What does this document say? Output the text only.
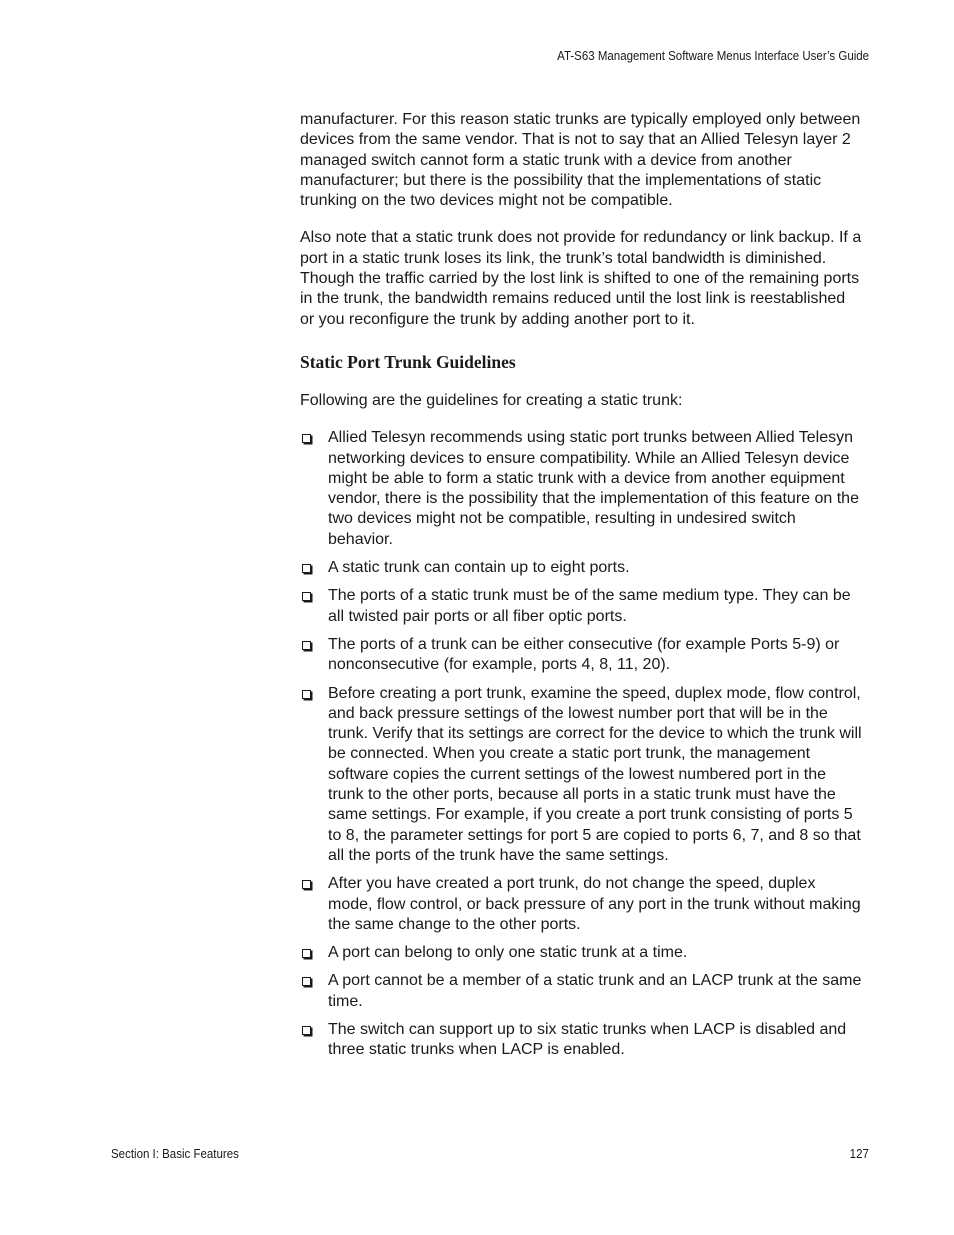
AT-S63 Management Software Menus Interface User’s Guide

manufacturer. For this reason static trunks are typically employed only between devices from the same vendor. That is not to say that an Allied Telesyn layer 2 managed switch cannot form a static trunk with a device from another manufacturer; but there is the possibility that the implementations of static trunking on the two devices might not be compatible.

Also note that a static trunk does not provide for redundancy or link backup. If a port in a static trunk loses its link, the trunk’s total bandwidth is diminished. Though the traffic carried by the lost link is shifted to one of the remaining ports in the trunk, the bandwidth remains reduced until the lost link is reestablished or you reconfigure the trunk by adding another port to it.

Static Port Trunk Guidelines

Following are the guidelines for creating a static trunk:

Allied Telesyn recommends using static port trunks between Allied Telesyn networking devices to ensure compatibility. While an Allied Telesyn device might be able to form a static trunk with a device from another equipment vendor, there is the possibility that the implementation of this feature on the two devices might not be compatible, resulting in undesired switch behavior.
A static trunk can contain up to eight ports.
The ports of a static trunk must be of the same medium type. They can be all twisted pair ports or all fiber optic ports.
The ports of a trunk can be either consecutive (for example Ports 5-9) or nonconsecutive (for example, ports 4, 8, 11, 20).
Before creating a port trunk, examine the speed, duplex mode, flow control, and back pressure settings of the lowest number port that will be in the trunk. Verify that its settings are correct for the device to which the trunk will be connected. When you create a static port trunk, the management software copies the current settings of the lowest numbered port in the trunk to the other ports, because all ports in a static trunk must have the same settings. For example, if you create a port trunk consisting of ports 5 to 8, the parameter settings for port 5 are copied to ports 6, 7, and 8 so that all the ports of the trunk have the same settings.
After you have created a port trunk, do not change the speed, duplex mode, flow control, or back pressure of any port in the trunk without making the same change to the other ports.
A port can belong to only one static trunk at a time.
A port cannot be a member of a static trunk and an LACP trunk at the same time.
The switch can support up to six static trunks when LACP is disabled and three static trunks when LACP is enabled.
Section I: Basic Features	127
